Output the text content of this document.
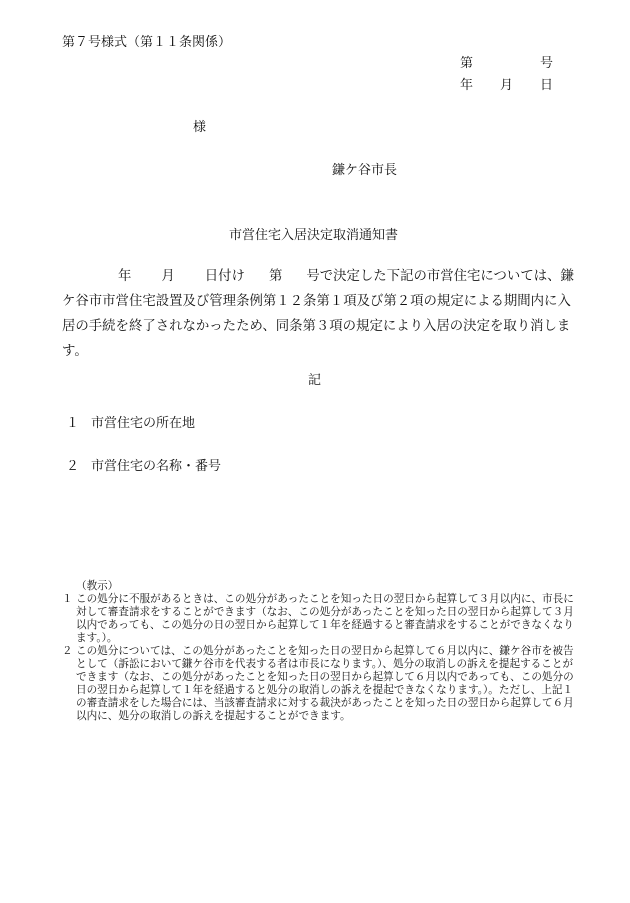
第７号様式（第１１条関係）
第	号
年 月 日
様
鎌ケ谷市長
市営住宅入居決定取消通知書
年 月 日付け 第 号で決定した下記の市営住宅については、鎌ケ谷市市営住宅設置及び管理条例第１２条第１項及び第２項の規定による期間内に入居の手続を終了されなかったため、同条第３項の規定により入居の決定を取り消します。
記
１ 市営住宅の所在地
２ 市営住宅の名称・番号
（教示）
１ この処分に不服があるときは、この処分があったことを知った日の翌日から起算して３月以内に、市長に対して審査請求をすることができます（なお、この処分があったことを知った日の翌日から起算して３月以内であっても、この処分の日の翌日から起算して１年を経過すると審査請求をすることができなくなります。）。
２ この処分については、この処分があったことを知った日の翌日から起算して６月以内に、鎌ケ谷市を被告として（訴訟において鎌ケ谷市を代表する者は市長になります。）、処分の取消しの訴えを提起することができます（なお、この処分があったことを知った日の翌日から起算して６月以内であっても、この処分の日の翌日から起算して１年を経過すると処分の取消しの訴えを提起できなくなります。）。ただし、上記１の審査請求をした場合には、当該審査請求に対する裁決があったことを知った日の翌日から起算して６月以内に、処分の取消しの訴えを提起することができます。
